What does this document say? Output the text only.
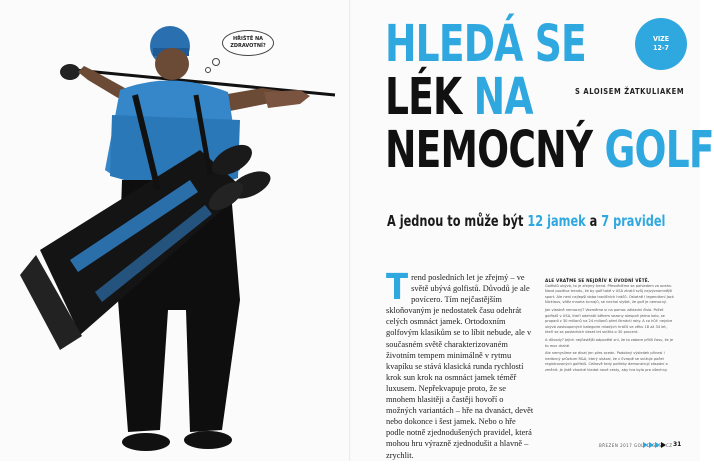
HŘIŠTĚ NA ZDRAVOTNÍ?
VIZE
12-7
HLEDÁ SE
LÉK NA
NEMOCNÝ GOLF
S ALOISEM ŽATKULIAKEM
A jednou to může být 12 jamek a 7 pravidel
T rend posledních let je zřejmý – ve světě ubývá golfistů. Důvodů je ale povícero. Tím nejčastějším skloňovaným je nedostatek času odehrát celých osmnáct jamek. Ortodoxním golfovým klasikům se to líbit nebude, ale v současném světě charakterizovaném životním tempem minimálně v rytmu kvapíku se stává klasická runda rychlostí krok sun krok na osmnáct jamek téměř luxusem. Nepřekvapuje proto, že se mnohem hlasitěji a častěji hovoří o možných variantách – hře na dvanáct, devět nebo dokonce i šest jamek. Nebo o hře podle notně zjednodušených pravidel, která mohou hru výrazně zjednodušit a hlavně – zrychlit.

ALE VRAŤME SE NEJDŘÍV K ÚVODNÍ VĚTĚ.

Golfistů ubývá, to je zřejmý trend. Přesvědčme se pohledem za oceán. Nová pozitiva trendu, že by golf také v USA ztratil svůj nejvýznamnější sport. Ale není nejlepší doba tradičních hráčů. Ostatně i legendární Jack Nicklaus, vítěz mnoha turnajů, se nechal slyšet, že golf je nemocný.

Jak vlastně nemocný? Vezměme si na pomoc základní čísla. Počet golfistů v USA, kteří odehráli během sezony alespoň jedno kolo, se propadl z 30 milionů na 24 milionů před čtrnácti roky. A co hůř: nejvíce ubývá zastoupených kategorie mladých hráčů ve věku 18 až 34 let, kteří se za posledních deset let snížila o 30 procent.

A důvody? Jejich nejčastější odpovědi zní, že to zabere příliš času, že je to moc drahé.

Ale nemyslíme se dívat jen přes oceán. Podobný výsledek přinesl i nedávný průzkum R&A, který ukázal, že v Evropě se snižuje počet registrovaných golfistů. Celkově tedy potřeby demonstrují zásadní a změnit. Je jistě vhodné hledat nové cesty, aby hra byla pro všechny.

BŘEZEN 2017 GOLFDIGEST.CZ 31
